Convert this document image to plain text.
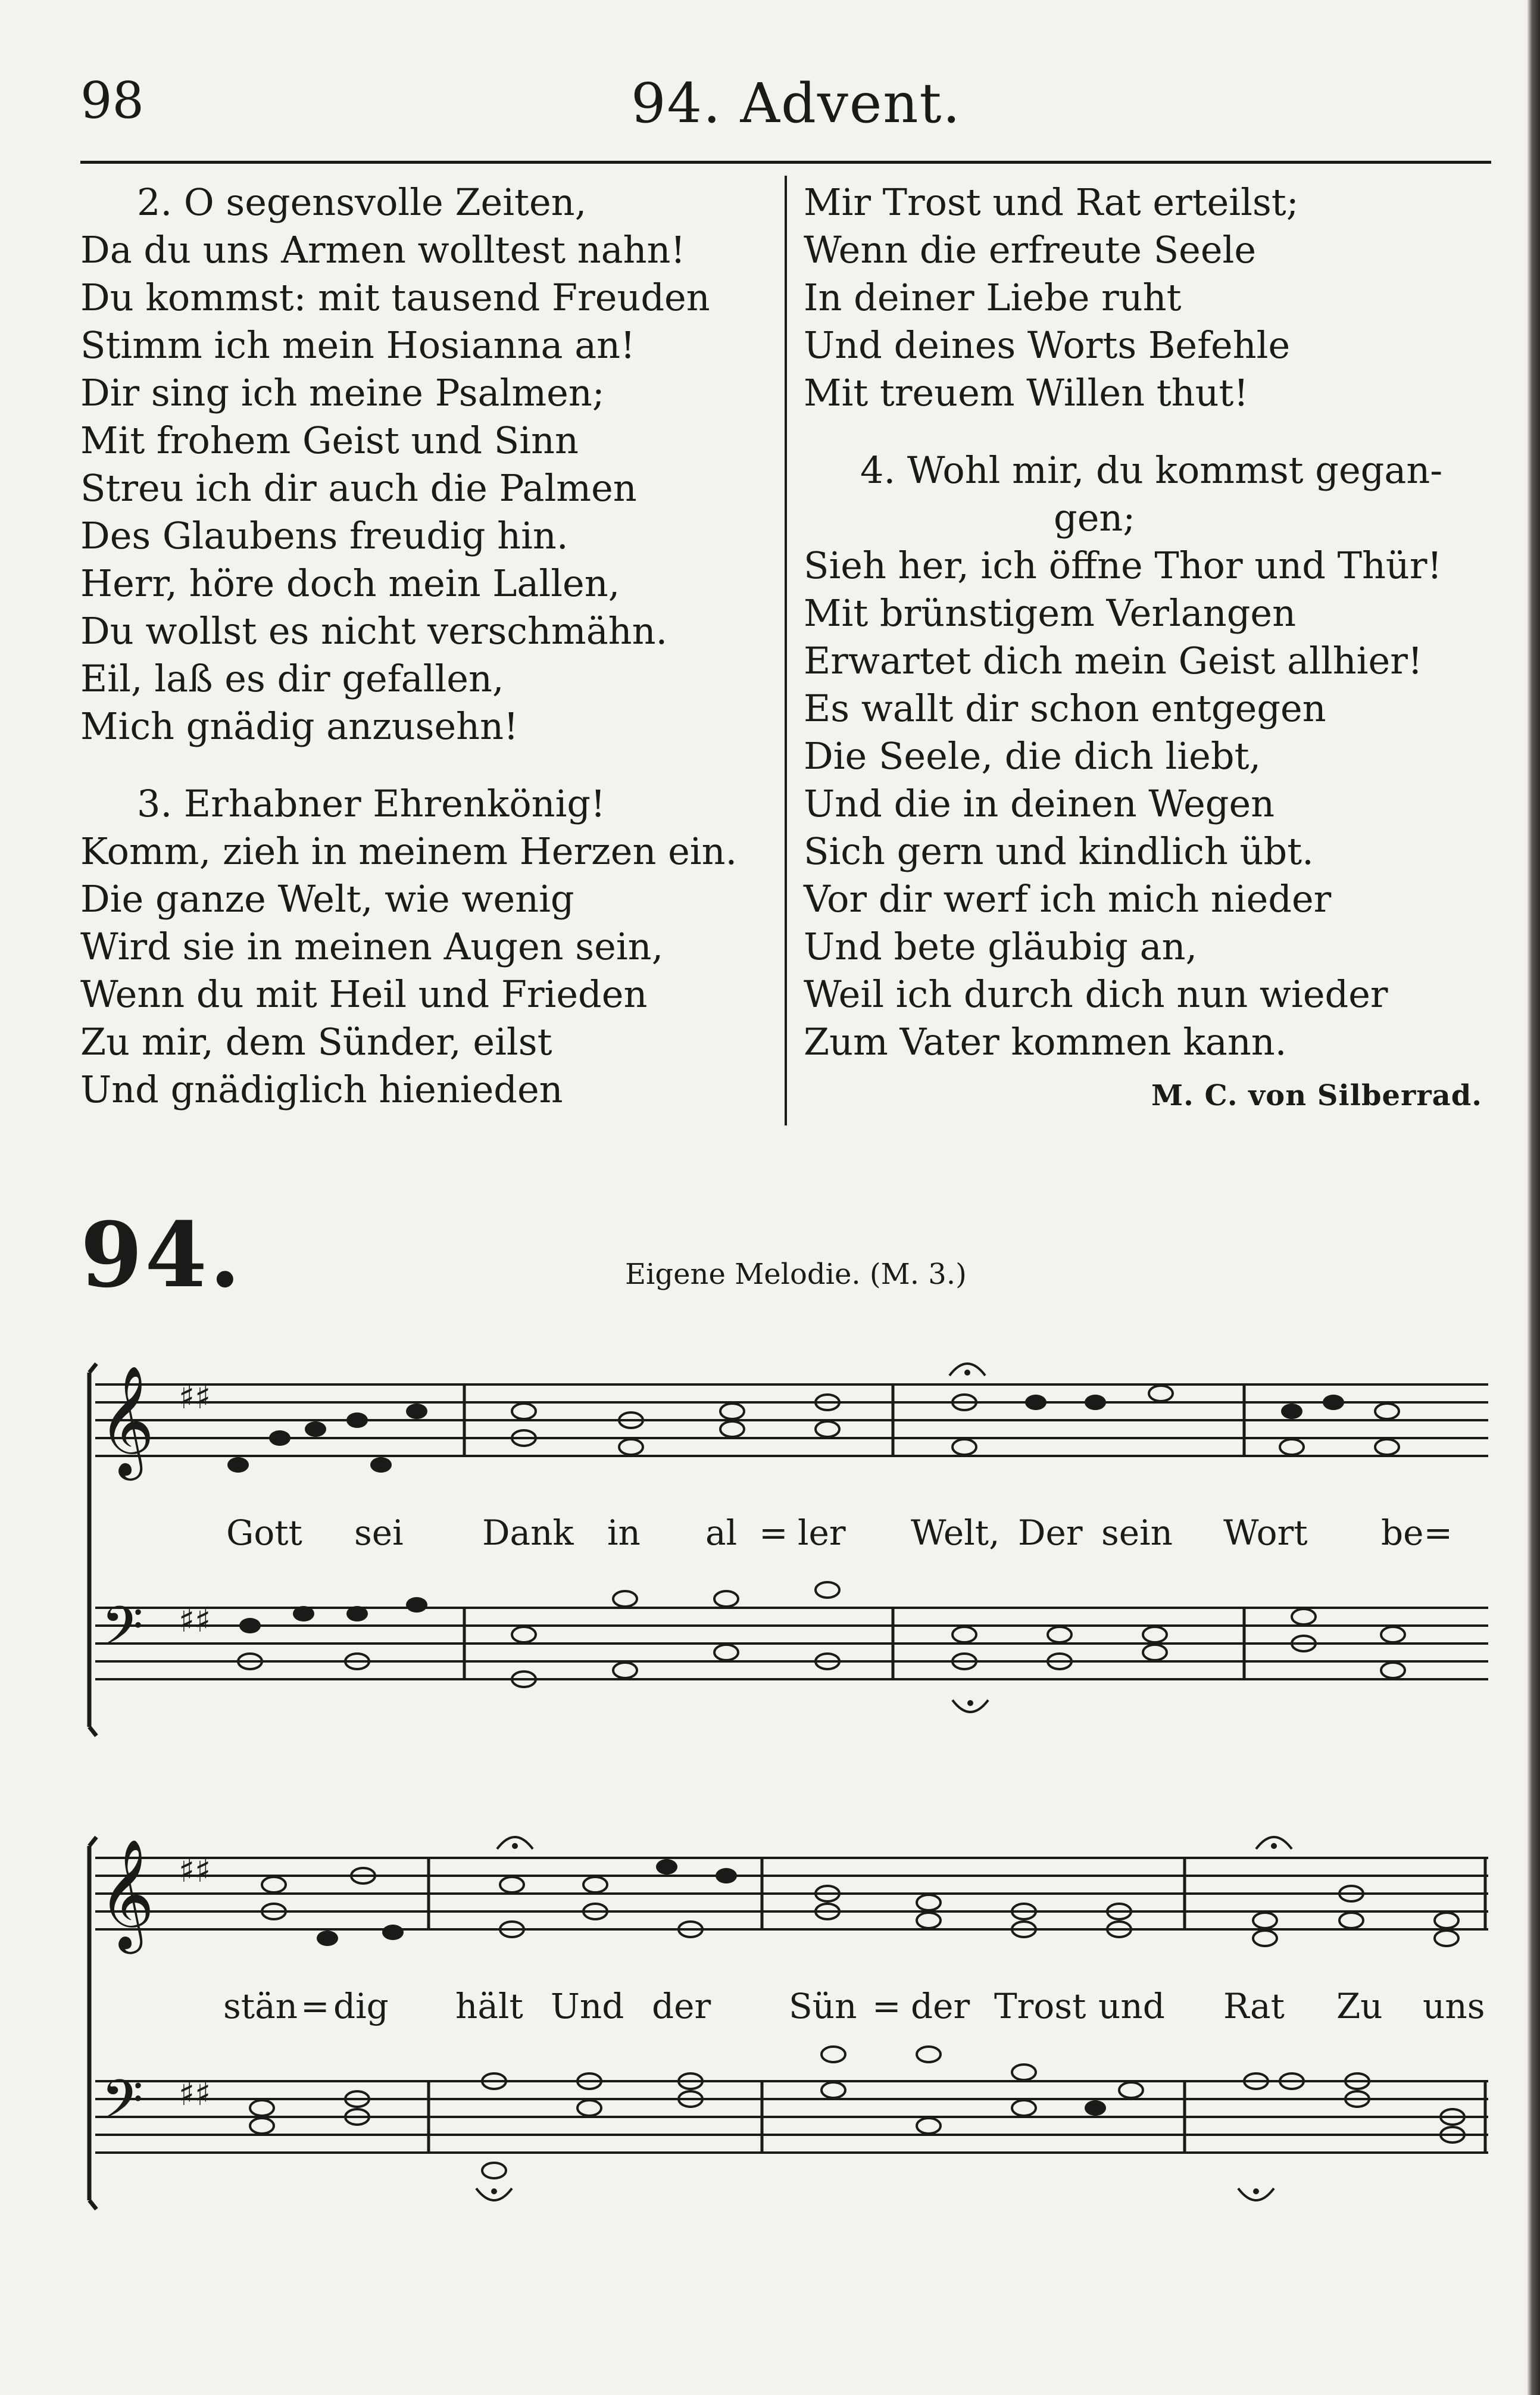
98	94. Advent.
2. O segensvolle Zeiten,
Da du uns Armen wolltest nahn!
Du kommst: mit tausend Freuden
Stimm ich mein Hosianna an!
Dir sing ich meine Psalmen;
Mit frohem Geist und Sinn
Streu ich dir auch die Palmen
Des Glaubens freudig hin.
Herr, höre doch mein Lallen,
Du wollst es nicht verschmähn.
Eil, laß es dir gefallen,
Mich gnädig anzusehn!
3. Erhabner Ehrenkönig!
Komm, zieh in meinem Herzen ein.
Die ganze Welt, wie wenig
Wird sie in meinen Augen sein,
Wenn du mit Heil und Frieden
Zu mir, dem Sünder, eilst
Und gnädiglich hienieden
Mir Trost und Rat erteilst;
Wenn die erfreute Seele
In deiner Liebe ruht
Und deines Worts Befehle
Mit treuem Willen thut!
4. Wohl mir, du kommst gegan-
gen;
Sieh her, ich öffne Thor und Thür!
Mit brünstigem Verlangen
Erwartet dich mein Geist allhier!
Es wallt dir schon entgegen
Die Seele, die dich liebt,
Und die in deinen Wegen
Sich gern und kindlich übt.
Vor dir werf ich mich nieder
Und bete gläubig an,
Weil ich durch dich nun wieder
Zum Vater kommen kann.
M. C. von Silberrad.
94.	Eigene Melodie. (M. 3.)
𝄞
𝄢
♯♯
♯♯
𝄞
𝄢
♯♯
♯♯
Gott sei Dank in al = ler Welt, Der sein Wort be=
stän = dig hält Und der Sün = der Trost und Rat Zu uns
